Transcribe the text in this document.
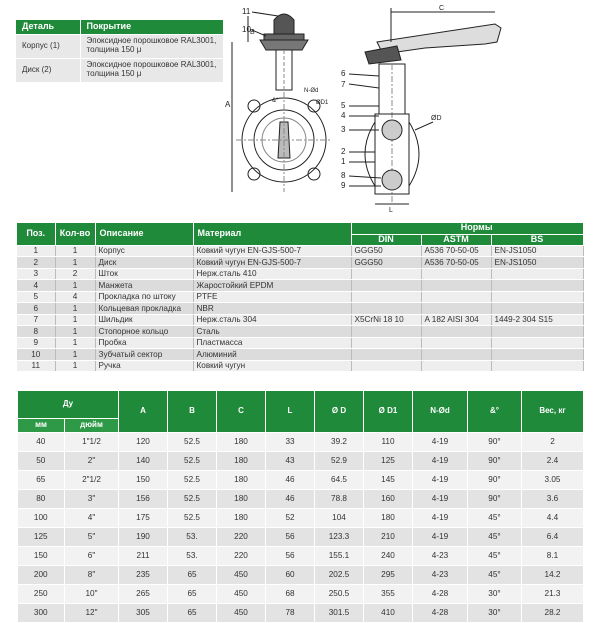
Деталь	Покрытие
Корпус (1)	Эпоксидное порошковое RAL3001, толщина 150 μ
Диск (2)	Эпоксидное порошковое RAL3001, толщина 150 μ
11
10 B
A
N-Ød
ØD1
&°
C
6
7
5
4
3
2
1
8
9
L
ØD
Поз.	Кол-во	Описание	Материал	Нормы		
				DIN	ASTM	BS
1	1	Корпус	Ковкий чугун EN-GJS-500-7	GGG50	A536 70-50-05	EN-JS1050
2	1	Диск	Ковкий чугун EN-GJS-500-7	GGG50	A536 70-50-05	EN-JS1050
3	2	Шток	Нерж.сталь 410			
4	1	Манжета	Жаростойкий EPDM			
5	4	Прокладка по штоку	PTFE			
6	1	Кольцевая прокладка	NBR			
7	1	Шильдик	Нерж.сталь 304	X5CrNi 18 10	A 182 AISI 304	1449-2 304 S15
8	1	Стопорное кольцо	Сталь			
9	1	Пробка	Пластмасса			
10	1	Зубчатый сектор	Алюминий			
11	1	Ручка	Ковкий чугун			
Ду		A	B	C	L	Ø D	Ø D1	N-Ød	&°	Вес, кг
мм	дюйм									
40	1"1/2	120	52.5	180	33	39.2	110	4-19	90°	2
50	2"	140	52.5	180	43	52.9	125	4-19	90°	2.4
65	2"1/2	150	52.5	180	46	64.5	145	4-19	90°	3.05
80	3"	156	52.5	180	46	78.8	160	4-19	90°	3.6
100	4"	175	52.5	180	52	104	180	4-19	45°	4.4
125	5"	190	53.	220	56	123.3	210	4-19	45°	6.4
150	6"	211	53.	220	56	155.1	240	4-23	45°	8.1
200	8"	235	65	450	60	202.5	295	4-23	45°	14.2
250	10"	265	65	450	68	250.5	355	4-28	30°	21.3
300	12"	305	65	450	78	301.5	410	4-28	30°	28.2
